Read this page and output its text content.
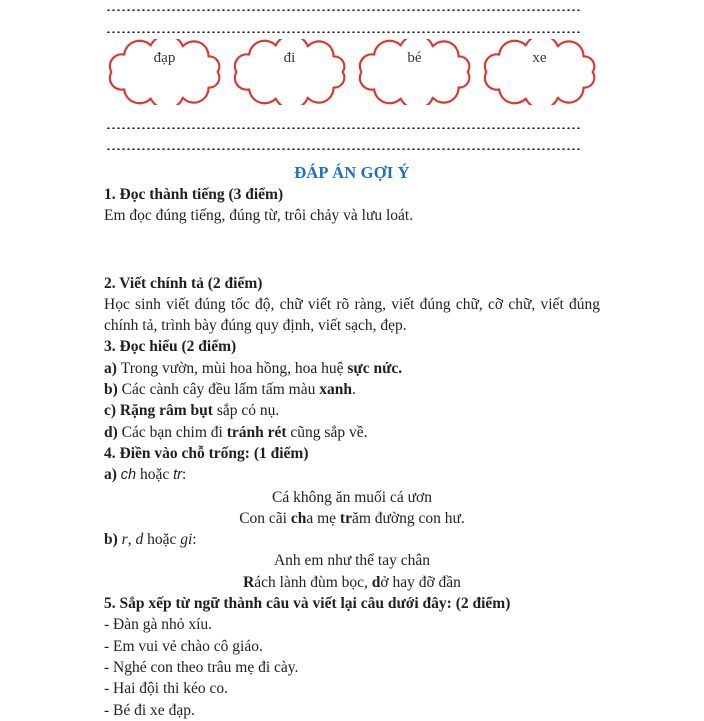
đạp	đi	bé	xe
ĐÁP ÁN GỢI Ý
1. Đọc thành tiếng (3 điểm)
Em đọc đúng tiếng, đúng từ, trôi chảy và lưu loát.
2. Viết chính tả (2 điểm)
Học sinh viết đúng tốc độ, chữ viết rõ ràng, viết đúng chữ, cỡ chữ, viết đúng
chính tả, trình bày đúng quy định, viết sạch, đẹp.
3. Đọc hiểu (2 điểm)
a) Trong vườn, mùi hoa hồng, hoa huệ sực nức.
b) Các cành cây đều lấm tấm màu xanh.
c) Rặng râm bụt sắp có nụ.
d) Các bạn chim đi tránh rét cũng sắp về.
4. Điền vào chỗ trống: (1 điểm)
a) ch hoặc tr:
Cá không ăn muối cá ươn
Con cãi cha mẹ trăm đường con hư.
b) r, d hoặc gi:
Anh em như thể tay chân
Rách lành đùm bọc, dở hay đỡ đần
5. Sắp xếp từ ngữ thành câu và viết lại câu dưới đây: (2 điểm)
- Đàn gà nhỏ xíu.
- Em vui vẻ chào cô giáo.
- Nghé con theo trâu mẹ đi cày.
- Hai đội thi kéo co.
- Bé đi xe đạp.
